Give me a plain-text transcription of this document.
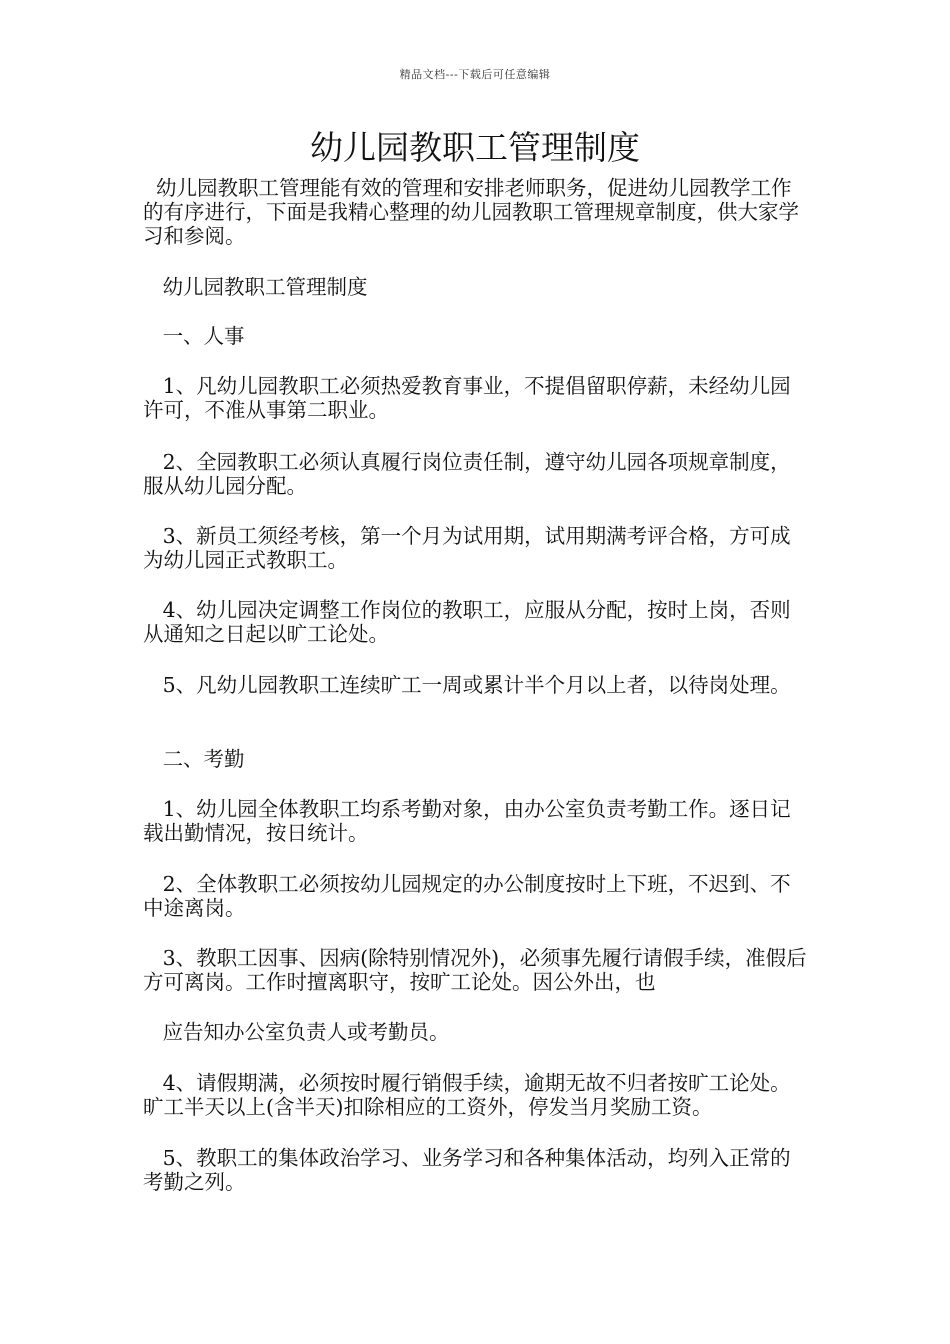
精品文档---下载后可任意编辑
幼儿园教职工管理制度

幼儿园教职工管理能有效的管理和安排老师职务，促进幼儿园教学工作的有序进行，下面是我精心整理的幼儿园教职工管理规章制度，供大家学习和参阅。

幼儿园教职工管理制度

一、人事

1、凡幼儿园教职工必须热爱教育事业，不提倡留职停薪，未经幼儿园许可，不准从事第二职业。

2、全园教职工必须认真履行岗位责任制，遵守幼儿园各项规章制度，服从幼儿园分配。

3、新员工须经考核，第一个月为试用期，试用期满考评合格，方可成为幼儿园正式教职工。

4、幼儿园决定调整工作岗位的教职工，应服从分配，按时上岗，否则从通知之日起以旷工论处。

5、凡幼儿园教职工连续旷工一周或累计半个月以上者，以待岗处理。

二、考勤

1、幼儿园全体教职工均系考勤对象，由办公室负责考勤工作。逐日记载出勤情况，按日统计。

2、全体教职工必须按幼儿园规定的办公制度按时上下班，不迟到、不中途离岗。

3、教职工因事、因病(除特别情况外)，必须事先履行请假手续，准假后方可离岗。工作时擅离职守，按旷工论处。因公外出，也

应告知办公室负责人或考勤员。

4、请假期满，必须按时履行销假手续，逾期无故不归者按旷工论处。旷工半天以上(含半天)扣除相应的工资外，停发当月奖励工资。

5、教职工的集体政治学习、业务学习和各种集体活动，均列入正常的考勤之列。
